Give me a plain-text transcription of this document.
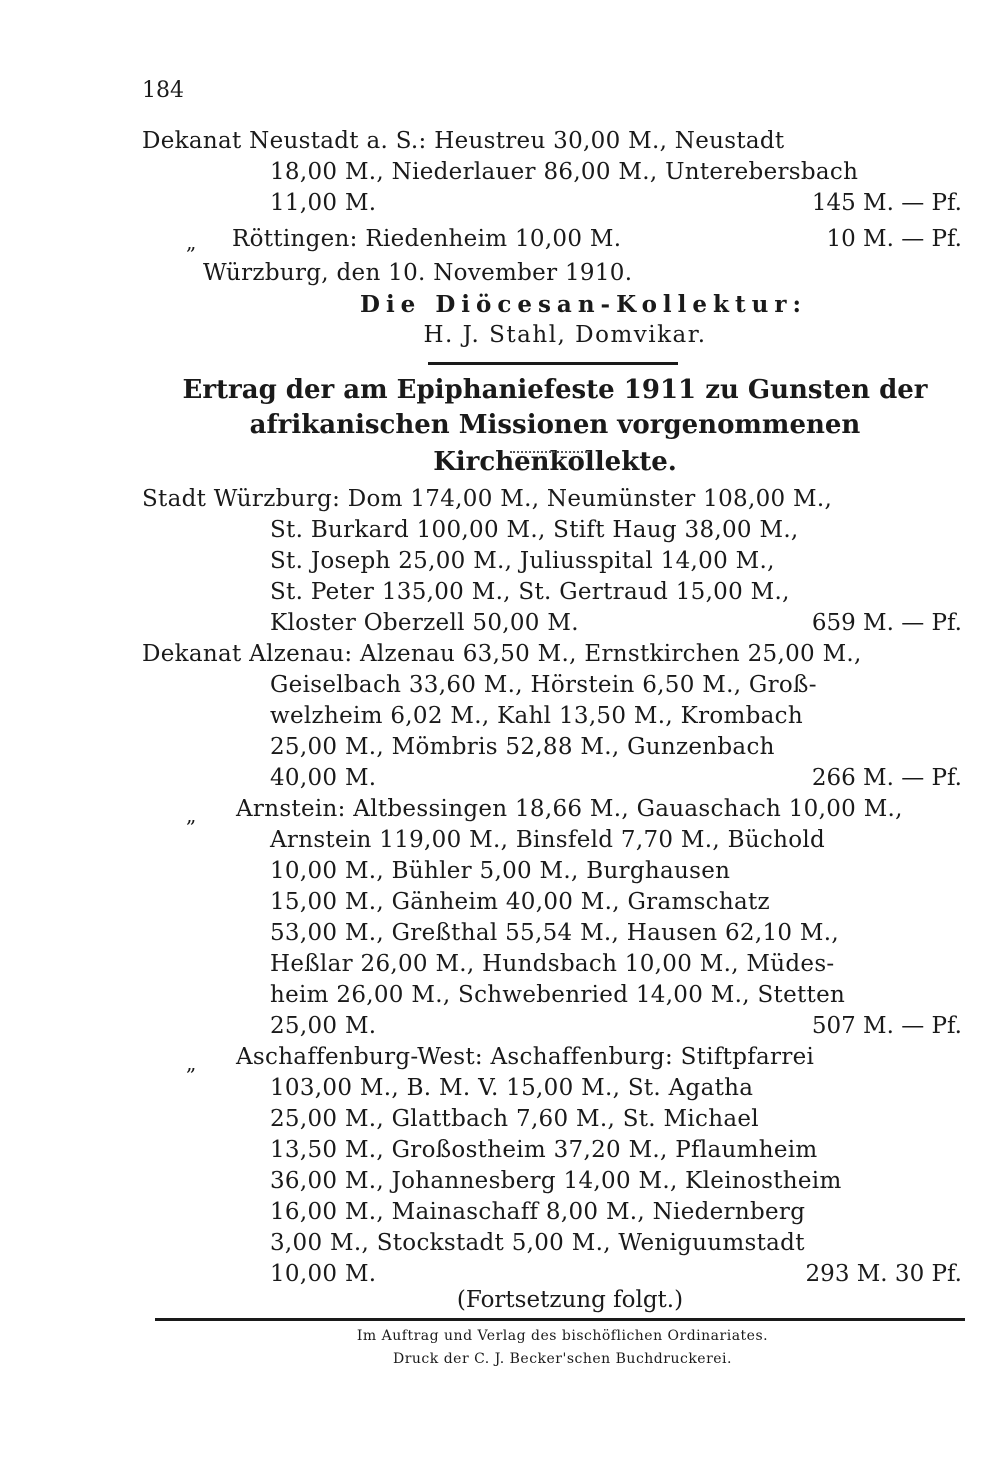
184
Dekanat Neustadt a. S.: Heustreu 30,00 M., Neustadt
18,00 M., Niederlauer 86,00 M., Unterebersbach
11,00 M.
Röttingen: Riedenheim 10,00 M.
Würzburg, den 10. November 1910.
145 M. — Pf.
10 M. — Pf.
„
Die Diöcesan-Kollektur:
H. J. Stahl, Domvikar.
Ertrag der am Epiphaniefeste 1911 zu Gunsten der
afrikanischen Missionen vorgenommenen Kirchenkollekte.
Stadt Würzburg: Dom 174,00 M., Neumünster 108,00 M.,
St. Burkard 100,00 M., Stift Haug 38,00 M.,
St. Joseph 25,00 M., Juliusspital 14,00 M.,
St. Peter 135,00 M., St. Gertraud 15,00 M.,
Kloster Oberzell 50,00 M.
Dekanat Alzenau: Alzenau 63,50 M., Ernstkirchen 25,00 M.,
Geiselbach 33,60 M., Hörstein 6,50 M., Groß-
welzheim 6,02 M., Kahl 13,50 M., Krombach
25,00 M., Mömbris 52,88 M., Gunzenbach
40,00 M.
Arnstein: Altbessingen 18,66 M., Gauaschach 10,00 M.,
Arnstein 119,00 M., Binsfeld 7,70 M., Büchold
10,00 M., Bühler 5,00 M., Burghausen
15,00 M., Gänheim 40,00 M., Gramschatz
53,00 M., Greßthal 55,54 M., Hausen 62,10 M.,
Heßlar 26,00 M., Hundsbach 10,00 M., Müdes-
heim 26,00 M., Schwebenried 14,00 M., Stetten
25,00 M.
Aschaffenburg-West: Aschaffenburg: Stiftpfarrei
103,00 M., B. M. V. 15,00 M., St. Agatha
25,00 M., Glattbach 7,60 M., St. Michael
13,50 M., Großostheim 37,20 M., Pflaumheim
36,00 M., Johannesberg 14,00 M., Kleinostheim
16,00 M., Mainaschaff 8,00 M., Niedernberg
3,00 M., Stockstadt 5,00 M., Weniguumstadt
10,00 M.
659 M. — Pf.
266 M. — Pf.
507 M. — Pf.
293 M. 30 Pf.
„
„
(Fortsetzung folgt.)
Im Auftrag und Verlag des bischöflichen Ordinariates.
Druck der C. J. Becker'schen Buchdruckerei.
